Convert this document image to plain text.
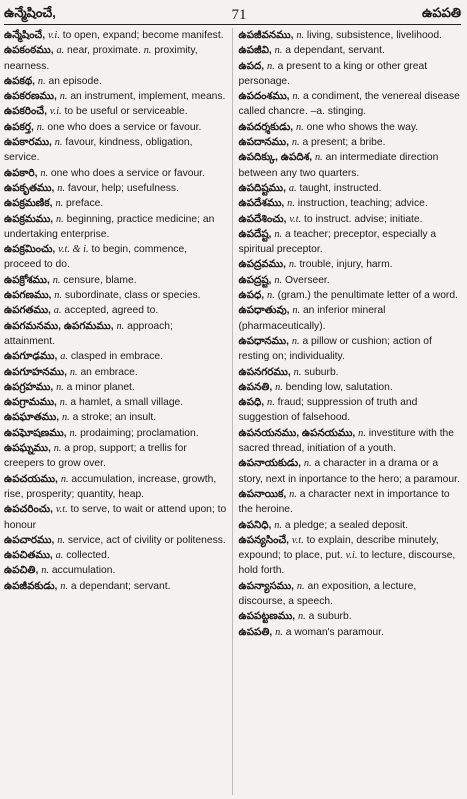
ఉన్మేషించే,	71	ఉపపతి

ఉన్మేషించే, v.i. to open, expand; become manifest.

ఉపకంఠము, a. near, proximate. n. proximity, nearness.

ఉపకథ, n. an episode.

ఉపకరణము, n. an instrument, implement, means.

ఉపకరించే, v.i. to be useful or serviceable.

ఉపకర్త, n. one who does a service or favour.

ఉపకారము, n. favour, kindness, obligation, service.

ఉపకారి, n. one who does a service or favour.

ఉపకృతము, n. favour, help; usefulness.

ఉపక్రమణిక, n. preface.

ఉపక్రమము, n. beginning, practice medicine; an undertaking enterprise.

ఉపక్రమించు, v.t. & i. to begin, commence, proceed to do.

ఉపక్రోశము, n. censure, blame.

ఉపగణము, n. subordinate, class or species.

ఉపగతము, a. accepted, agreed to.

ఉపగమనము, ఉపగమము, n. approach; attainment.

ఉపగూఢము, a. clasped in embrace.

ఉపగూహనము, n. an embrace.

ఉపగ్రహము, n. a minor planet.

ఉపగ్రామము, n. a hamlet, a small village.

ఉపఘాతము, n. a stroke; an insult.

ఉపఘోషణము, n. prodaiming; proclamation.

ఉపఘ్నము, n. a prop, support; a trellis for creepers to grow over.

ఉపచయము, n. accumulation, increase, growth, rise, prosperity; quantity, heap.

ఉపచరించు, v.t. to serve, to wait or attend upon; to honour

ఉపచారము, n. service, act of civility or politeness.

ఉపచితము, a. collected.

ఉపచితి, n. accumulation.

ఉపజీవకుడు, n. a dependant; servant.

ఉపజీవనము, n. living, subsistence, livelihood.

ఉపజీవి, n. a dependant, servant.

ఉపద, n. a present to a king or other great personage.

ఉపదంశము, n. a condiment, the venereal disease called chancre. –a. stinging.

ఉపదర్శకుడు, n. one who shows the way.

ఉపదానము, n. a present; a bribe.

ఉపదిక్కు, ఉపదిశ, n. an intermediate direction between any two quarters.

ఉపదిష్టము, a. taught, instructed.

ఉపదేశము, n. instruction, teaching; advice.

ఉపదేశించు, v.t. to instruct. advise; initiate.

ఉపదేష్ట, n. a teacher; preceptor, especially a spiritual preceptor.

ఉపద్రవము, n. trouble, injury, harm.

ఉపద్రష్ట, n. Overseer.

ఉపధ, n. (gram.) the penultimate letter of a word.

ఉపధాతువు, n. an inferior mineral (pharmaceutically).

ఉపధానము, n. a pillow or cushion; action of resting on; individuality.

ఉపనగరము, n. suburb.

ఉపనతి, n. bending low, salutation.

ఉపధి, n. fraud; suppression of truth and suggestion of falsehood.

ఉపనయనము, ఉపనయము, n. investiture with the sacred thread, initiation of a youth.

ఉపనాయకుడు, n. a character in a drama or a story, next in inportance to the hero; a paramour.

ఉపనాయిక, n. a character next in importance to the heroine.

ఉపనిధి, n. a pledge; a sealed deposit.

ఉపన్యసించే, v.t. to explain, describe minutely, expound; to place, put. v.i. to lecture, discourse, hold forth.

ఉపన్యాసము, n. an exposition, a lecture, discourse, a speech.

ఉపపట్టణము, n. a suburb.

ఉపపతి, n. a woman's paramour.
